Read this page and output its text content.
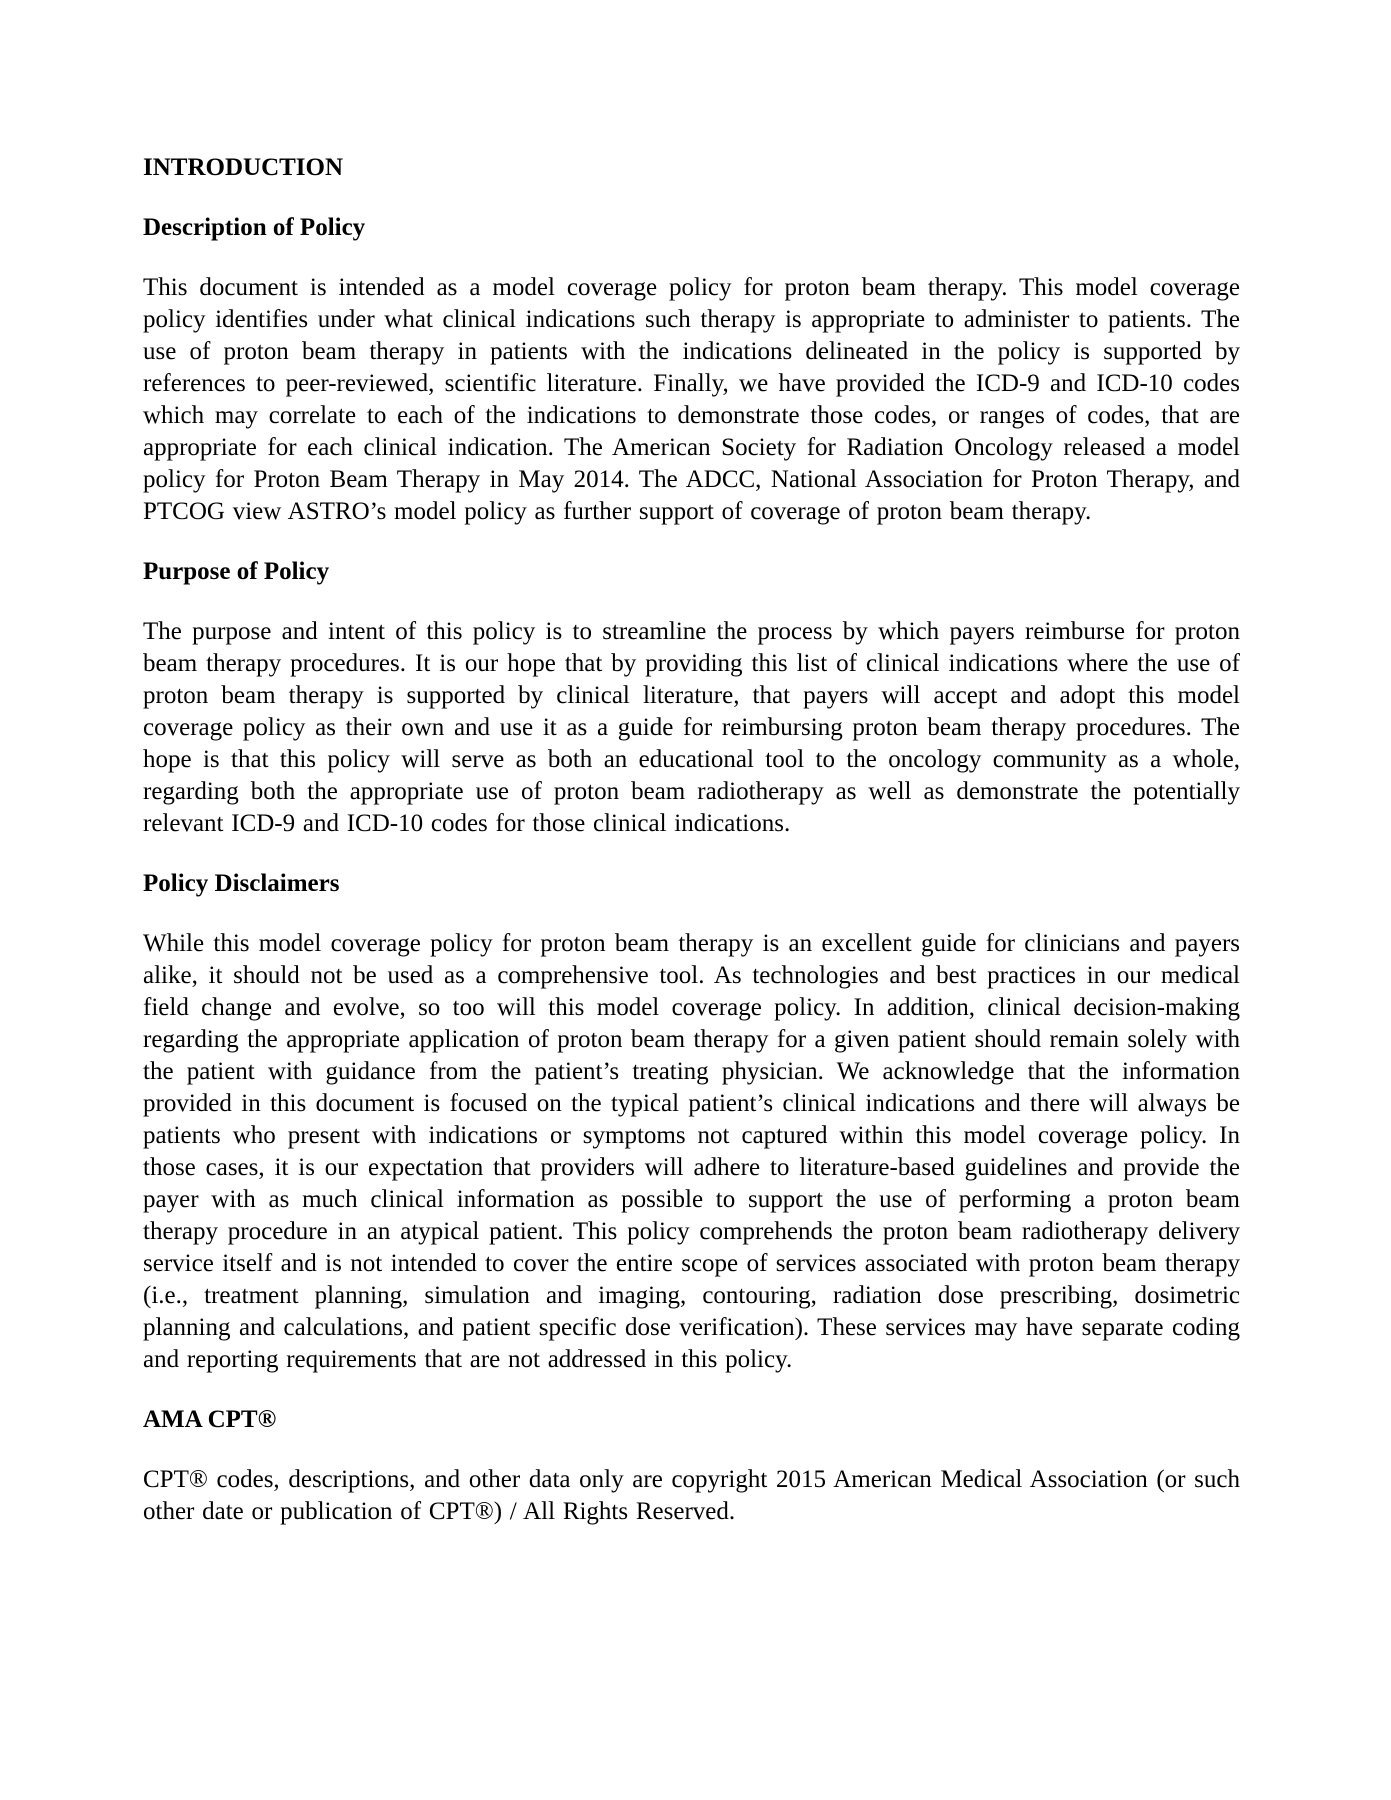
INTRODUCTION
Description of Policy

This document is intended as a model coverage policy for proton beam therapy. This model coverage policy identifies under what clinical indications such therapy is appropriate to administer to patients. The use of proton beam therapy in patients with the indications delineated in the policy is supported by references to peer-reviewed, scientific literature. Finally, we have provided the ICD-9 and ICD-10 codes which may correlate to each of the indications to demonstrate those codes, or ranges of codes, that are appropriate for each clinical indication. The American Society for Radiation Oncology released a model policy for Proton Beam Therapy in May 2014. The ADCC, National Association for Proton Therapy, and PTCOG view ASTRO’s model policy as further support of coverage of proton beam therapy.

Purpose of Policy

The purpose and intent of this policy is to streamline the process by which payers reimburse for proton beam therapy procedures. It is our hope that by providing this list of clinical indications where the use of proton beam therapy is supported by clinical literature, that payers will accept and adopt this model coverage policy as their own and use it as a guide for reimbursing proton beam therapy procedures. The hope is that this policy will serve as both an educational tool to the oncology community as a whole, regarding both the appropriate use of proton beam radiotherapy as well as demonstrate the potentially relevant ICD-9 and ICD-10 codes for those clinical indications.

Policy Disclaimers

While this model coverage policy for proton beam therapy is an excellent guide for clinicians and payers alike, it should not be used as a comprehensive tool. As technologies and best practices in our medical field change and evolve, so too will this model coverage policy. In addition, clinical decision-making regarding the appropriate application of proton beam therapy for a given patient should remain solely with the patient with guidance from the patient’s treating physician. We acknowledge that the information provided in this document is focused on the typical patient’s clinical indications and there will always be patients who present with indications or symptoms not captured within this model coverage policy. In those cases, it is our expectation that providers will adhere to literature-based guidelines and provide the payer with as much clinical information as possible to support the use of performing a proton beam therapy procedure in an atypical patient. This policy comprehends the proton beam radiotherapy delivery service itself and is not intended to cover the entire scope of services associated with proton beam therapy (i.e., treatment planning, simulation and imaging, contouring, radiation dose prescribing, dosimetric planning and calculations, and patient specific dose verification). These services may have separate coding and reporting requirements that are not addressed in this policy.

AMA CPT®

CPT® codes, descriptions, and other data only are copyright 2015 American Medical Association (or such other date or publication of CPT®) / All Rights Reserved.
